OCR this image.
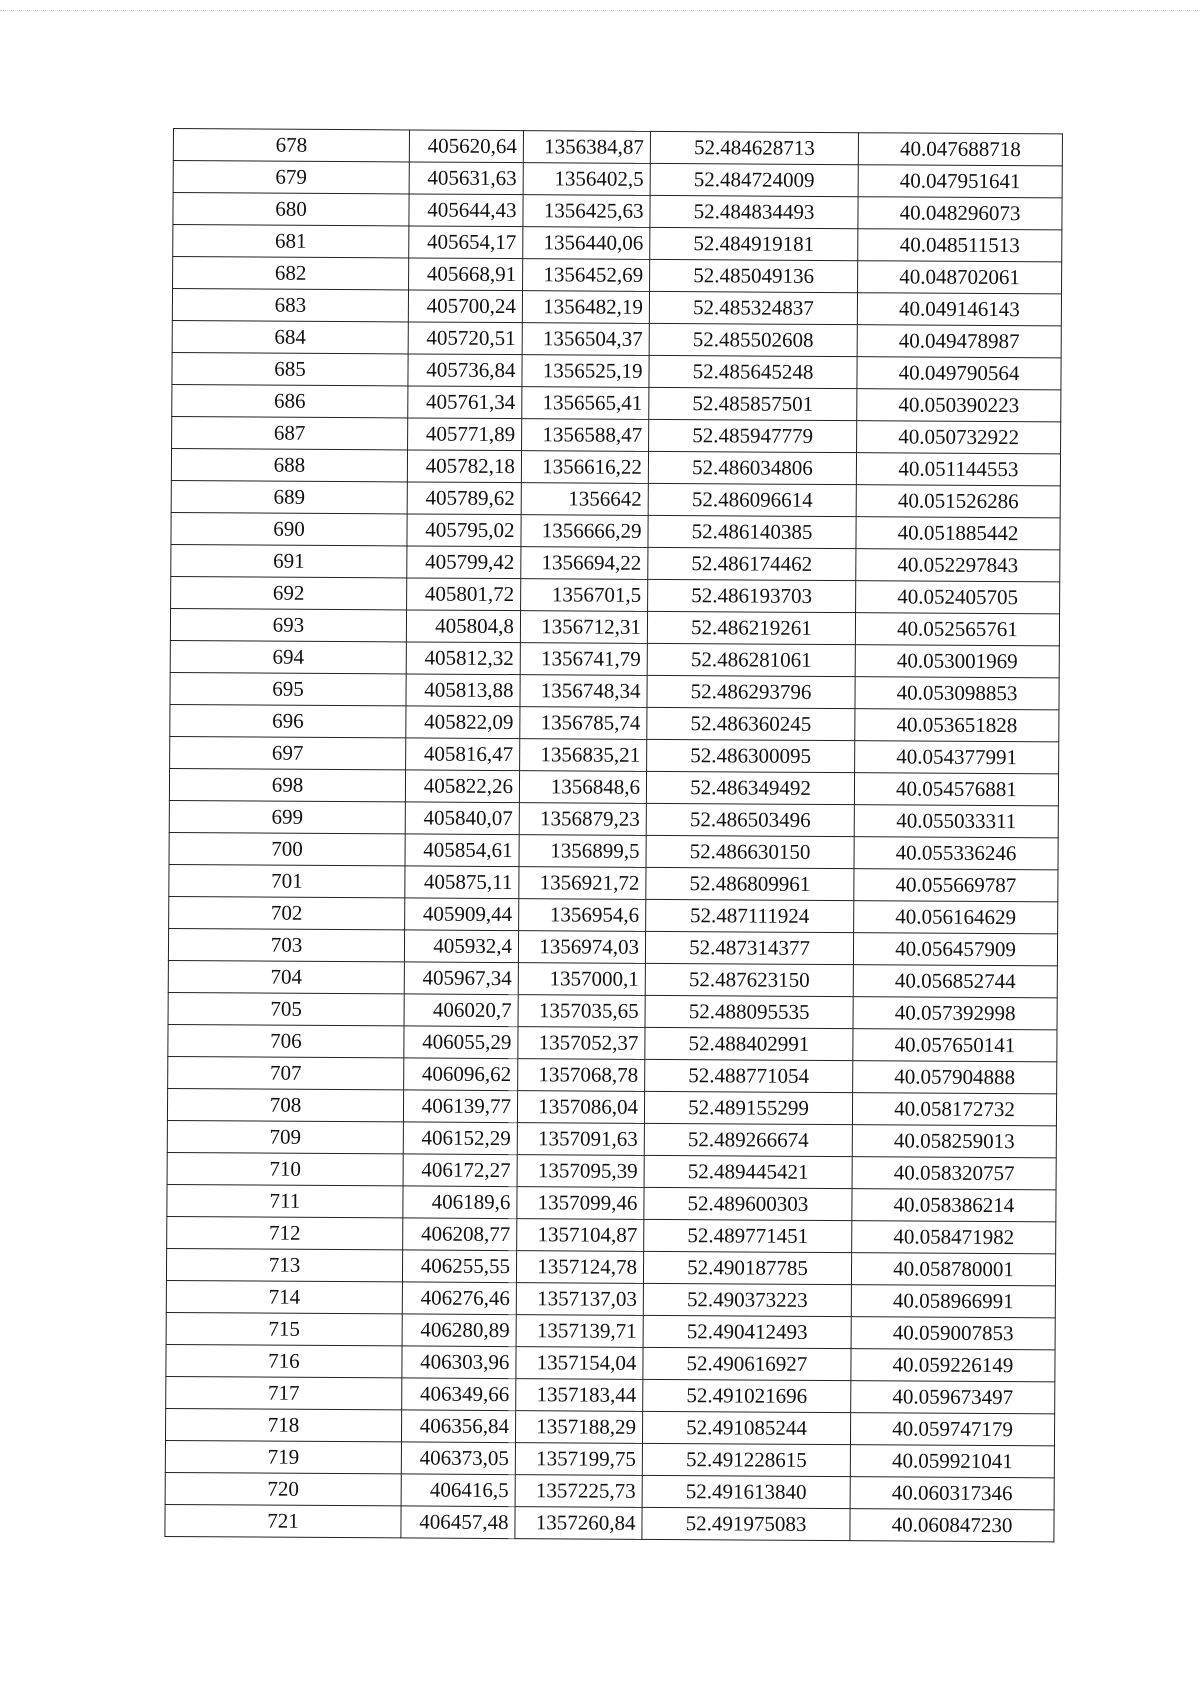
678	405620,64	1356384,87	52.484628713	40.047688718
679	405631,63	1356402,5	52.484724009	40.047951641
680	405644,43	1356425,63	52.484834493	40.048296073
681	405654,17	1356440,06	52.484919181	40.048511513
682	405668,91	1356452,69	52.485049136	40.048702061
683	405700,24	1356482,19	52.485324837	40.049146143
684	405720,51	1356504,37	52.485502608	40.049478987
685	405736,84	1356525,19	52.485645248	40.049790564
686	405761,34	1356565,41	52.485857501	40.050390223
687	405771,89	1356588,47	52.485947779	40.050732922
688	405782,18	1356616,22	52.486034806	40.051144553
689	405789,62	1356642	52.486096614	40.051526286
690	405795,02	1356666,29	52.486140385	40.051885442
691	405799,42	1356694,22	52.486174462	40.052297843
692	405801,72	1356701,5	52.486193703	40.052405705
693	405804,8	1356712,31	52.486219261	40.052565761
694	405812,32	1356741,79	52.486281061	40.053001969
695	405813,88	1356748,34	52.486293796	40.053098853
696	405822,09	1356785,74	52.486360245	40.053651828
697	405816,47	1356835,21	52.486300095	40.054377991
698	405822,26	1356848,6	52.486349492	40.054576881
699	405840,07	1356879,23	52.486503496	40.055033311
700	405854,61	1356899,5	52.486630150	40.055336246
701	405875,11	1356921,72	52.486809961	40.055669787
702	405909,44	1356954,6	52.487111924	40.056164629
703	405932,4	1356974,03	52.487314377	40.056457909
704	405967,34	1357000,1	52.487623150	40.056852744
705	406020,7	1357035,65	52.488095535	40.057392998
706	406055,29	1357052,37	52.488402991	40.057650141
707	406096,62	1357068,78	52.488771054	40.057904888
708	406139,77	1357086,04	52.489155299	40.058172732
709	406152,29	1357091,63	52.489266674	40.058259013
710	406172,27	1357095,39	52.489445421	40.058320757
711	406189,6	1357099,46	52.489600303	40.058386214
712	406208,77	1357104,87	52.489771451	40.058471982
713	406255,55	1357124,78	52.490187785	40.058780001
714	406276,46	1357137,03	52.490373223	40.058966991
715	406280,89	1357139,71	52.490412493	40.059007853
716	406303,96	1357154,04	52.490616927	40.059226149
717	406349,66	1357183,44	52.491021696	40.059673497
718	406356,84	1357188,29	52.491085244	40.059747179
719	406373,05	1357199,75	52.491228615	40.059921041
720	406416,5	1357225,73	52.491613840	40.060317346
721	406457,48	1357260,84	52.491975083	40.060847230
